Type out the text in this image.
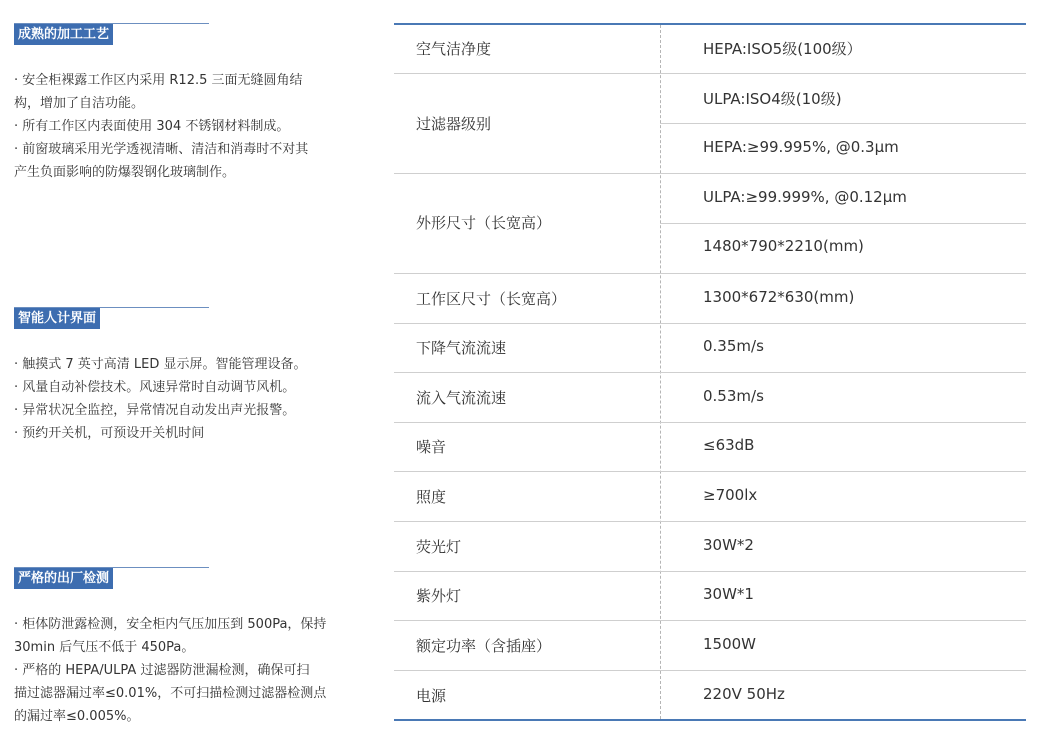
成熟的加工工艺

· 安全柜裸露工作区内采用 R12.5 三面无缝圆角结

构，增加了自洁功能。

· 所有工作区内表面使用 304 不锈钢材料制成。

· 前窗玻璃采用光学透视清晰、清洁和消毒时不对其

产生负面影响的防爆裂钢化玻璃制作。

智能人计界面

· 触摸式 7 英寸高清 LED 显示屏。智能管理设备。

· 风量自动补偿技术。风速异常时自动调节风机。

· 异常状况全监控，异常情况自动发出声光报警。

· 预约开关机，可预设开关机时间

严格的出厂检测

· 柜体防泄露检测，安全柜内气压加压到 500Pa，保持

30min 后气压不低于 450Pa。

· 严格的 HEPA/ULPA 过滤器防泄漏检测，确保可扫

描过滤器漏过率≤0.01%，不可扫描检测过滤器检测点

的漏过率≤0.005%。

空气洁净度
过滤器级别
外形尺寸（长宽高）
工作区尺寸（长宽高）
下降气流流速
流入气流流速
噪音
照度
荧光灯
紫外灯
额定功率（含插座）
电源
HEPA:ISO5级(100级）
ULPA:ISO4级(10级)
HEPA:≥99.995%, @0.3μm
ULPA:≥99.999%, @0.12μm
1480*790*2210(mm)
1300*672*630(mm)
0.35m/s
0.53m/s
≤63dB
≥700lx
30W*2
30W*1
1500W
220V 50Hz
